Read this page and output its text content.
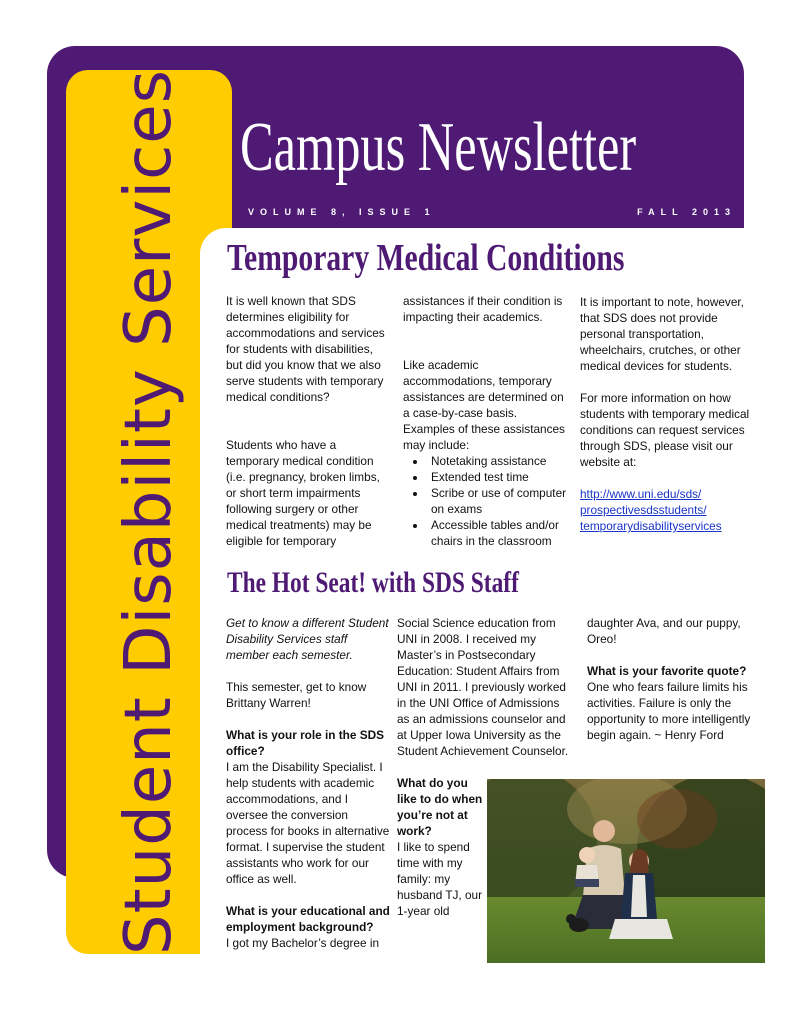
Student Disability Services Campus Newsletter
VOLUME 8, ISSUE 1	FALL 2013
Temporary Medical Conditions

It is well known that SDS determines eligibility for accommodations and services for students with disabilities, but did you know that we also serve students with temporary medical conditions?

Students who have a temporary medical condition (i.e. pregnancy, broken limbs, or short term impairments following surgery or other medical treatments) may be eligible for temporary

assistances if their condition is impacting their academics.

Like academic accommodations, temporary assistances are determined on a case-by-case basis. Examples of these assistances may include:

• Notetaking assistance
• Extended test time
• Scribe or use of computer on exams
• Accessible tables and/or chairs in the classroom

It is important to note, however, that SDS does not provide personal transportation, wheelchairs, crutches, or other medical devices for students.

For more information on how students with temporary medical conditions can request services through SDS, please visit our website at:

http://www.uni.edu/sds/
prospectivesdsstudents/
temporarydisabilityservices
The Hot Seat! with SDS Staff

Get to know a different Student Disability Services staff member each semester.

This semester, get to know Brittany Warren!

What is your role in the SDS office?

I am the Disability Specialist. I help students with academic accommodations, and I oversee the conversion process for books in alternative format. I supervise the student assistants who work for our office as well.

What is your educational and employment background?

I got my Bachelor’s degree in

Social Science education from UNI in 2008. I received my Master’s in Postsecondary Education: Student Affairs from UNI in 2011. I previously worked in the UNI Office of Admissions as an admissions counselor and at Upper Iowa University as the Student Achievement Counselor.

What do you like to do when you’re not at work?

I like to spend time with my family: my husband TJ, our 1-year old

daughter Ava, and our puppy, Oreo!

What is your favorite quote?

One who fears failure limits his activities. Failure is only the opportunity to more intelligently begin again. ~ Henry Ford
